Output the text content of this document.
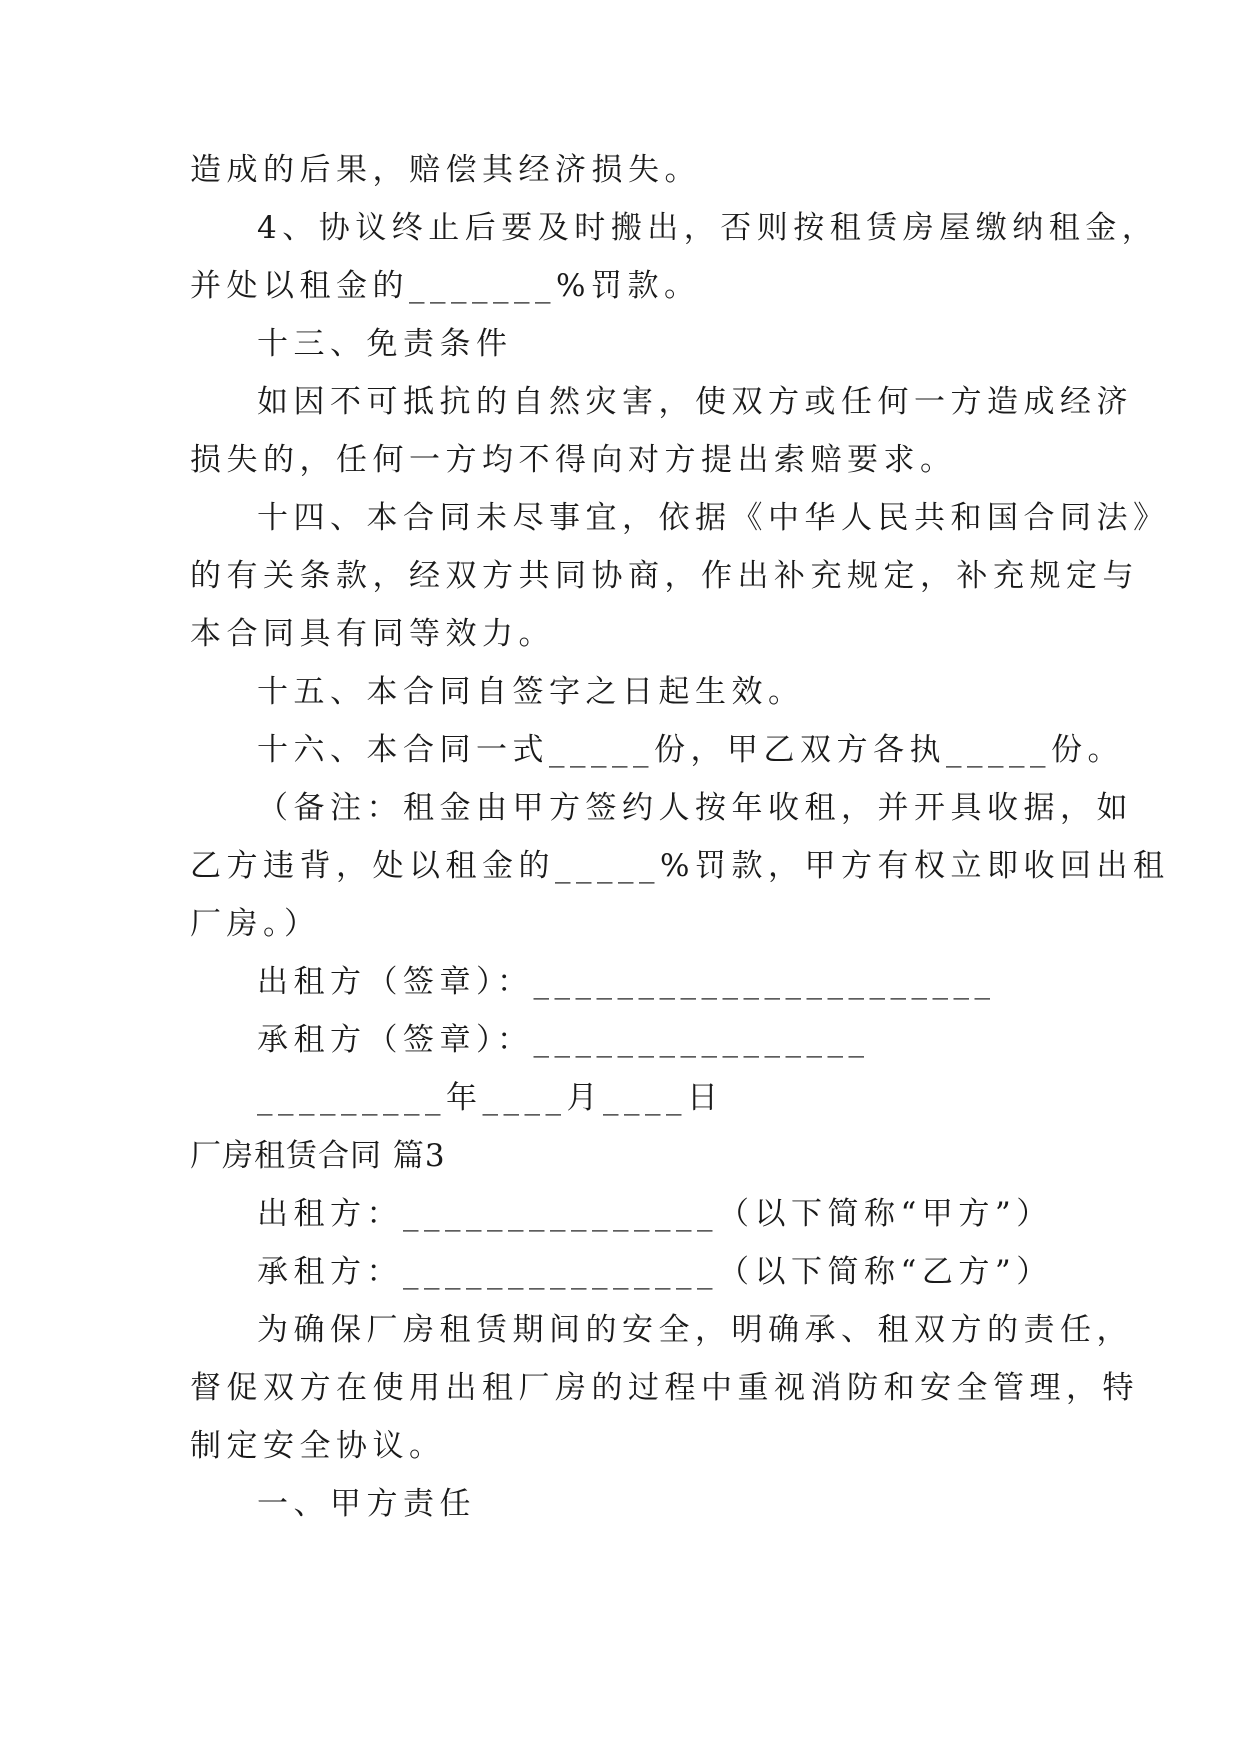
造成的后果，赔偿其经济损失。
4、协议终止后要及时搬出，否则按租赁房屋缴纳租金，
并处以租金的_______%罚款。
十三、免责条件
如因不可抵抗的自然灾害，使双方或任何一方造成经济
损失的，任何一方均不得向对方提出索赔要求。
十四、本合同未尽事宜，依据《中华人民共和国合同法》
的有关条款，经双方共同协商，作出补充规定，补充规定与
本合同具有同等效力。
十五、本合同自签字之日起生效。
十六、本合同一式_____份，甲乙双方各执_____份。
（备注：租金由甲方签约人按年收租，并开具收据，如
乙方违背，处以租金的_____%罚款，甲方有权立即收回出租
厂房。）
出租方（签章）：______________________
承租方（签章）：________________
_________年____月____日
厂房租赁合同 篇3
出租方：_______________（以下简称“甲方”）
承租方：_______________（以下简称“乙方”）
为确保厂房租赁期间的安全，明确承、租双方的责任，
督促双方在使用出租厂房的过程中重视消防和安全管理，特
制定安全协议。
一、甲方责任
